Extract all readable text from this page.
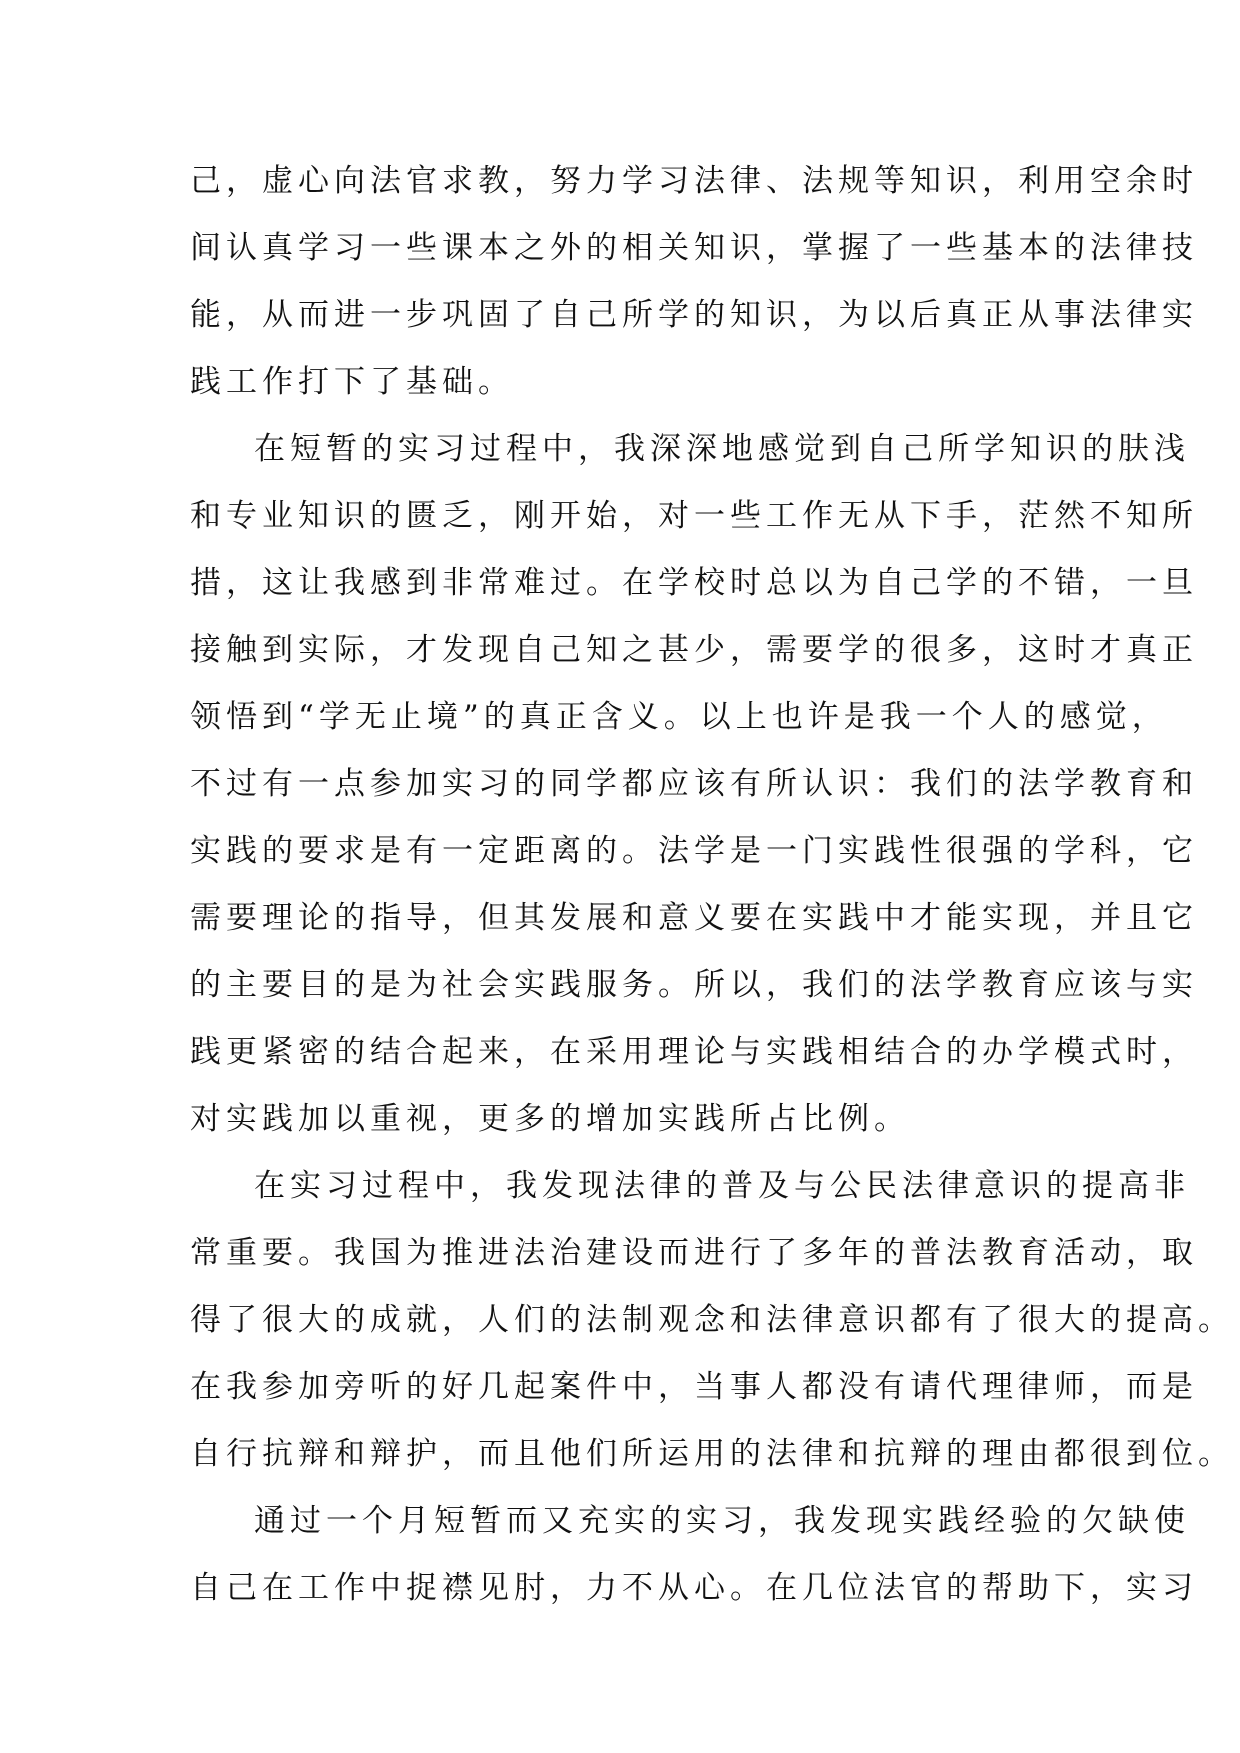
己，虚心向法官求教，努力学习法律、法规等知识，利用空余时
间认真学习一些课本之外的相关知识，掌握了一些基本的法律技
能，从而进一步巩固了自己所学的知识，为以后真正从事法律实
践工作打下了基础。
在短暂的实习过程中，我深深地感觉到自己所学知识的肤浅
和专业知识的匮乏，刚开始，对一些工作无从下手，茫然不知所
措，这让我感到非常难过。在学校时总以为自己学的不错，一旦
接触到实际，才发现自己知之甚少，需要学的很多，这时才真正
领悟到“学无止境”的真正含义。以上也许是我一个人的感觉，
不过有一点参加实习的同学都应该有所认识：我们的法学教育和
实践的要求是有一定距离的。法学是一门实践性很强的学科，它
需要理论的指导，但其发展和意义要在实践中才能实现，并且它
的主要目的是为社会实践服务。所以，我们的法学教育应该与实
践更紧密的结合起来，在采用理论与实践相结合的办学模式时，
对实践加以重视，更多的增加实践所占比例。
在实习过程中，我发现法律的普及与公民法律意识的提高非
常重要。我国为推进法治建设而进行了多年的普法教育活动，取
得了很大的成就，人们的法制观念和法律意识都有了很大的提高。
在我参加旁听的好几起案件中，当事人都没有请代理律师，而是
自行抗辩和辩护，而且他们所运用的法律和抗辩的理由都很到位。
通过一个月短暂而又充实的实习，我发现实践经验的欠缺使
自己在工作中捉襟见肘，力不从心。在几位法官的帮助下，实习
